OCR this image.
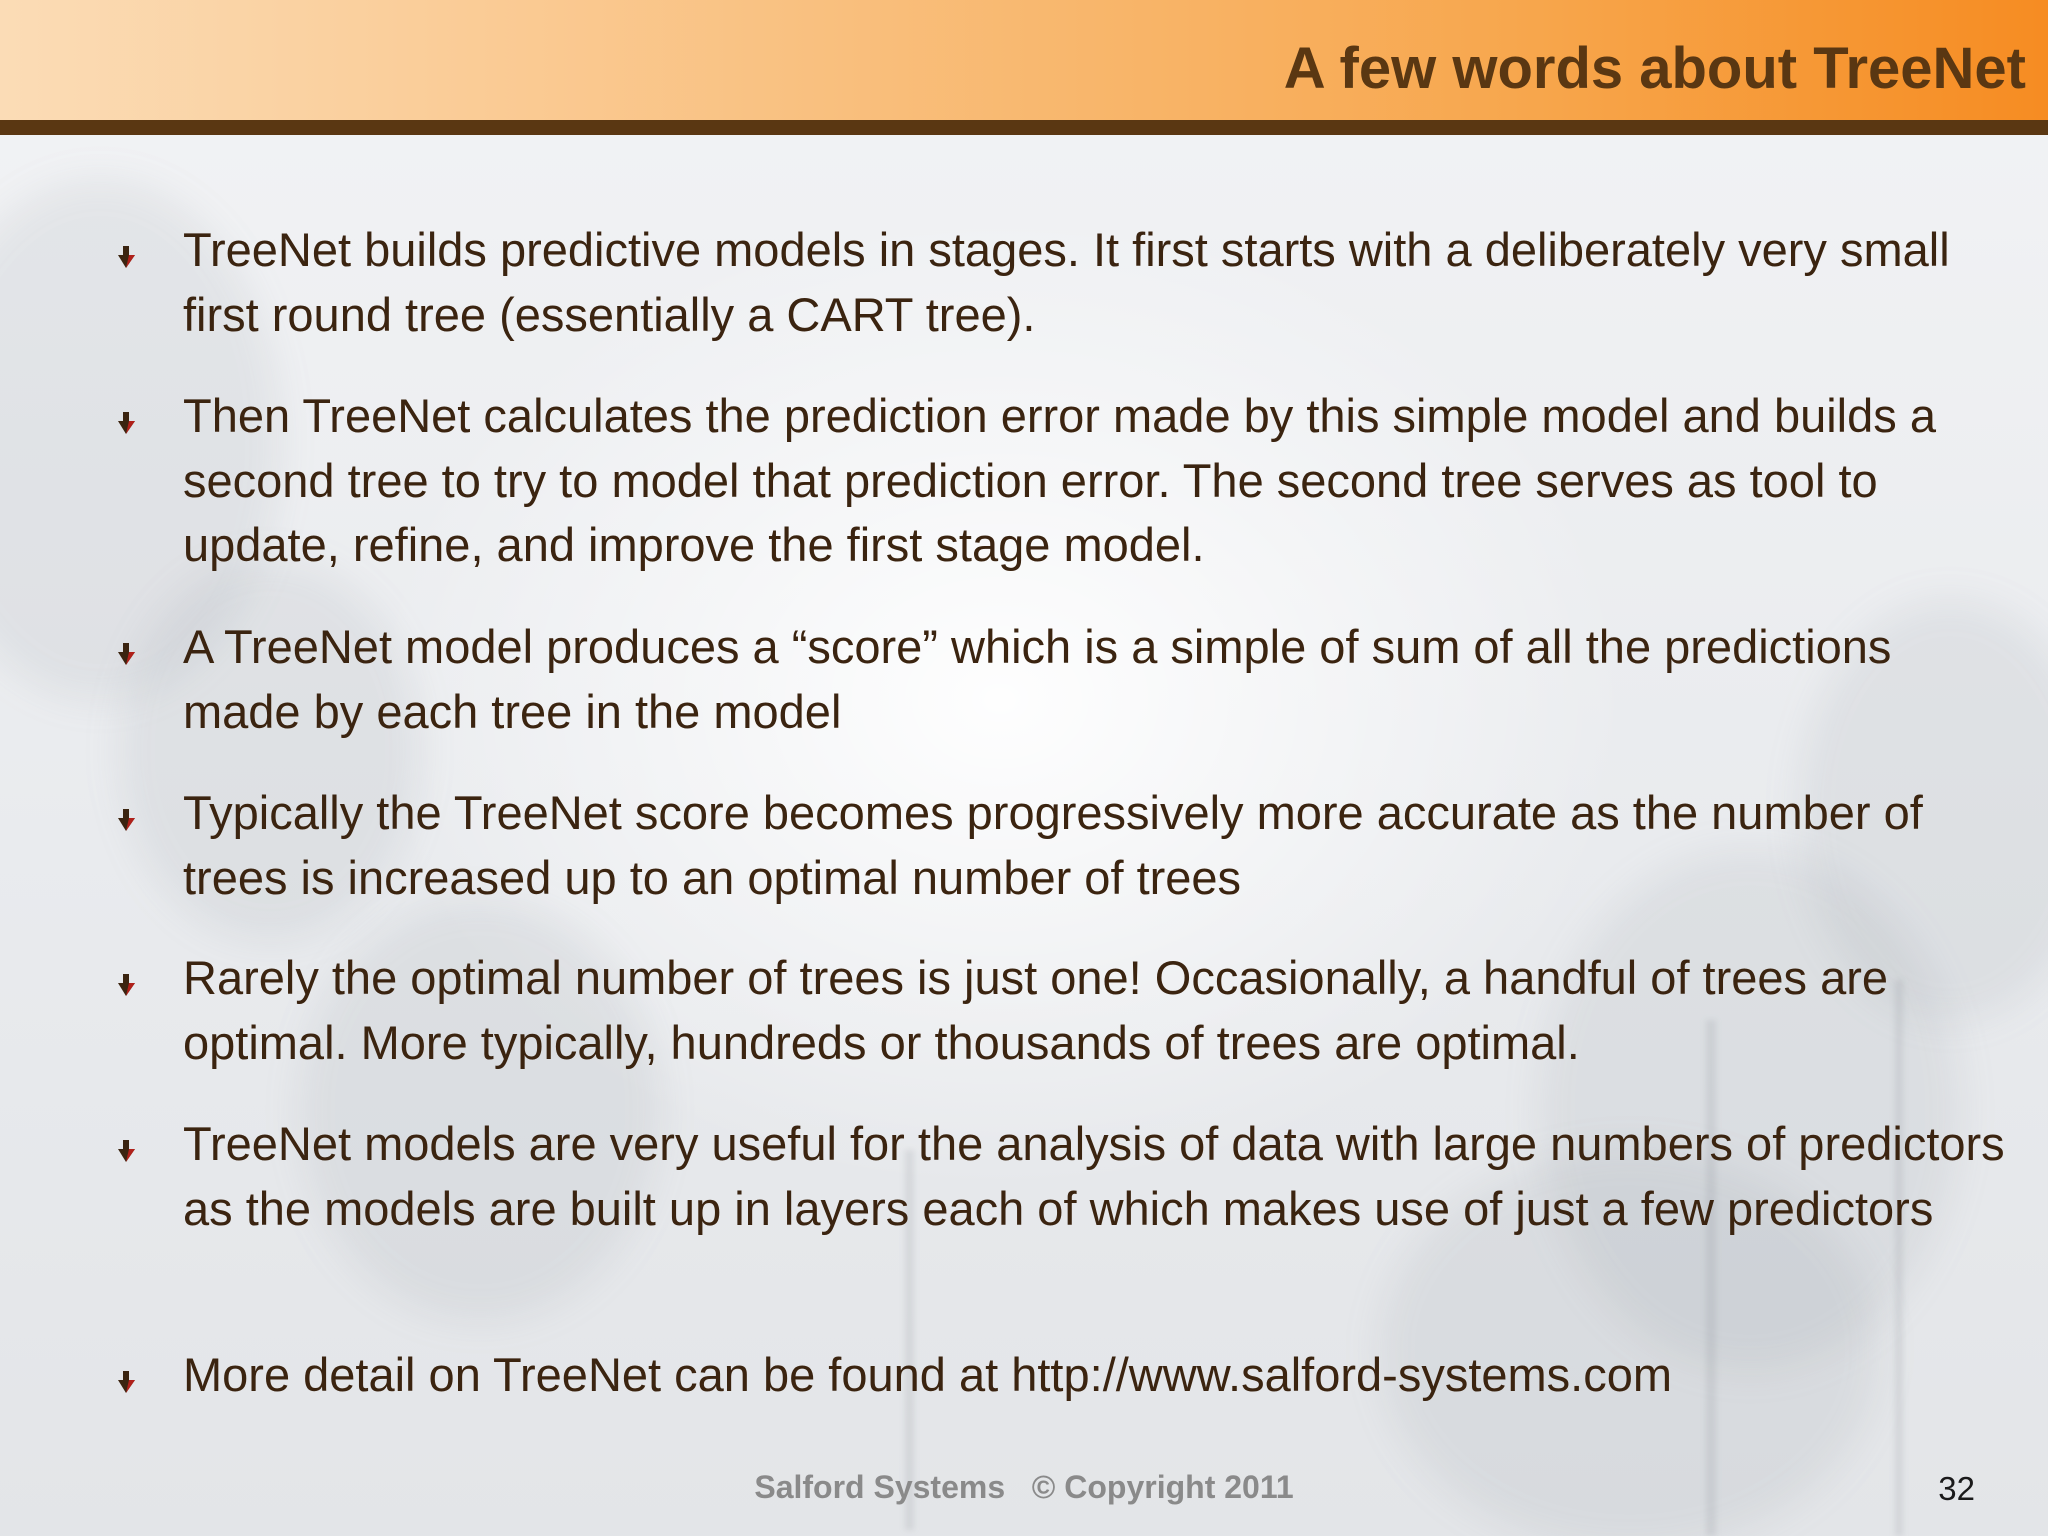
A few words about TreeNet

TreeNet builds predictive models in stages. It first starts with a deliberately very small first round tree (essentially a CART tree).

Then TreeNet calculates the prediction error made by this simple model and builds a second tree to try to model that prediction error. The second tree serves as tool to update, refine, and improve the first stage model.

A TreeNet model produces a “score” which is a simple of sum of all the predictions made by each tree in the model

Typically the TreeNet score becomes progressively more accurate as the number of trees is increased up to an optimal number of trees

Rarely the optimal number of trees is just one! Occasionally, a handful of trees are optimal. More typically, hundreds or thousands of trees are optimal.

TreeNet models are very useful for the analysis of data with large numbers of predictors as the models are built up in layers each of which makes use of just a few predictors

More detail on TreeNet can be found at http://www.salford-systems.com

Salford Systems   © Copyright 2011	32
